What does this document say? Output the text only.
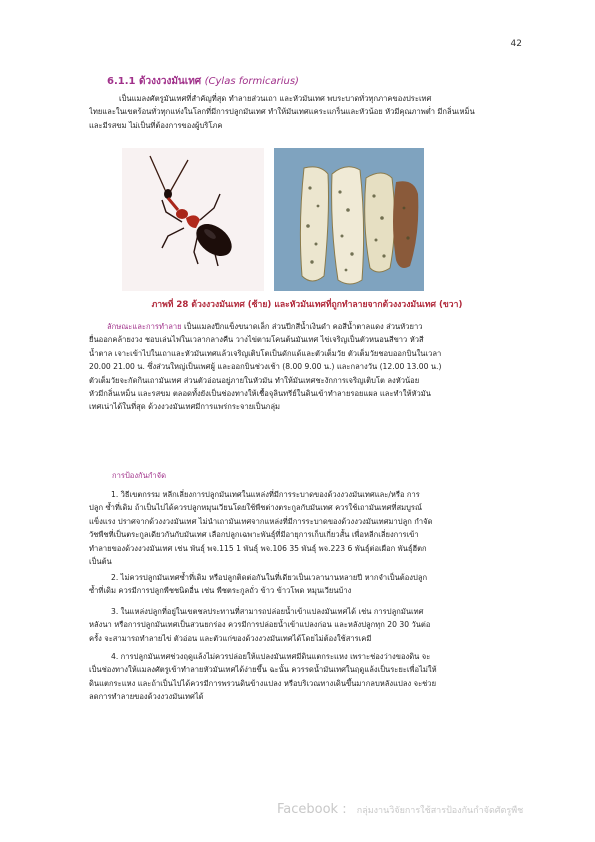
42
6.1.1 ด้วงงวงมันเทศ (Cylas formicarius)

เป็นแมลงศัตรูมันเทศที่สำคัญที่สุด ทำลายส่วนเถา และหัวมันเทศ พบระบาดทั่วทุกภาคของประเทศ

ไทยและในเขตร้อนทั่วทุกแห่งในโลกที่มีการปลูกมันเทศ ทำให้มันเทศแคระแกร็นและหัวน้อย หัวมีคุณภาพต่ำ มีกลิ่นเหม็น

และมีรสขม ไม่เป็นที่ต้องการของผู้บริโภค

ภาพที่ 28 ด้วงงวงมันเทศ (ซ้าย) และหัวมันเทศที่ถูกทำลายจากด้วงงวงมันเทศ (ขวา)

ลักษณะและการทำลาย เป็นแมลงปีกแข็งขนาดเล็ก ส่วนปีกสีน้ำเงินดำ คอสีน้ำตาลแดง ส่วนหัวยาว

ยื่นออกคล้ายงวง ชอบเล่นไฟในเวลากลางคืน วางไข่ตามโคนต้นมันเทศ ไข่เจริญเป็นตัวหนอนสีขาว หัวสี

น้ำตาล เจาะเข้าไปในเถาและหัวมันเทศแล้วเจริญเติบโตเป็นดักแด้และตัวเต็มวัย ตัวเต็มวัยชอบออกบินในเวลา

20.00 21.00 น. ซึ่งส่วนใหญ่เป็นเพศผู้ และออกบินช่วงเช้า (8.00 9.00 น.) และกลางวัน (12.00 13.00 น.)

ตัวเต็มวัยจะกัดกินเถามันเทศ ส่วนตัวอ่อนอยู่ภายในหัวมัน ทำให้มันเทศชะงักการเจริญเติบโต ลงหัวน้อย

หัวมีกลิ่นเหม็น และรสขม ตลอดทั้งยังเป็นช่องทางให้เชื้อจุลินทรีย์ในดินเข้าทำลายรอยแผล และทำให้หัวมัน

เทศเน่าได้ในที่สุด ด้วงงวงมันเทศมีการแพร่กระจายเป็นกลุ่ม

การป้องกันกำจัด

1. วิธีเขตกรรม หลีกเลี่ยงการปลูกมันเทศในแหล่งที่มีการระบาดของด้วงงวงมันเทศและ/หรือ การ

ปลูก ซ้ำที่เดิม ถ้าเป็นไปได้ควรปลูกหมุนเวียนโดยใช้พืชต่างตระกูลกับมันเทศ ควรใช้เถามันเทศที่สมบูรณ์

แข็งแรง ปราศจากด้วงงวงมันเทศ ไม่นำเถามันเทศจากแหล่งที่มีการระบาดของด้วงงวงมันเทศมาปลูก กำจัด

วัชพืชที่เป็นตระกูลเดียวกันกับมันเทศ เลือกปลูกเฉพาะพันธุ์ที่มีอายุการเก็บเกี่ยวสั้น เพื่อหลีกเลี่ยงการเข้า

ทำลายของด้วงงวงมันเทศ เช่น พันธุ์ พจ.115 1 พันธุ์ พจ.106 35 พันธุ์ พจ.223 6 พันธุ์ต่อเผือก พันธุ์ฮีตก

เป็นต้น

2. ไม่ควรปลูกมันเทศซ้ำที่เดิม หรือปลูกติดต่อกันในที่เดียวเป็นเวลานานหลายปี หากจำเป็นต้องปลูก

ซ้ำที่เดิม ควรมีการปลูกพืชชนิดอื่น เช่น พืชตระกูลถั่ว ข้าว ข้าวโพด หมุนเวียนบ้าง

3. ในแหล่งปลูกที่อยู่ในเขตชลประทานที่สามารถปล่อยน้ำเข้าแปลงมันเทศได้ เช่น การปลูกมันเทศ

หลังนา หรือการปลูกมันเทศเป็นสวนยกร่อง ควรมีการปล่อยน้ำเข้าแปลงก่อน และหลังปลูกทุก 20 30 วันต่อ

ครั้ง จะสามารถทำลายไข่ ตัวอ่อน และตัวแก่ของด้วงงวงมันเทศได้โดยไม่ต้องใช้สารเคมี

4. การปลูกมันเทศช่วงฤดูแล้งไม่ควรปล่อยให้แปลงมันเทศมีดินแตกระแหง เพราะช่องว่างของดิน จะ

เป็นช่องทางให้แมลงศัตรูเข้าทำลายหัวมันเทศได้ง่ายขึ้น ฉะนั้น ควรรดน้ำมันเทศในฤดูแล้งเป็นระยะเพื่อไม่ให้

ดินแตกระแหง และถ้าเป็นไปได้ควรมีการพรวนดินข้างแปลง หรือบริเวณทางเดินขึ้นมากลบหลังแปลง จะช่วย

ลดการทำลายของด้วงงวงมันเทศได้

Facebook : กลุ่มงานวิจัยการใช้สารป้องกันกำจัดศัตรูพืช
